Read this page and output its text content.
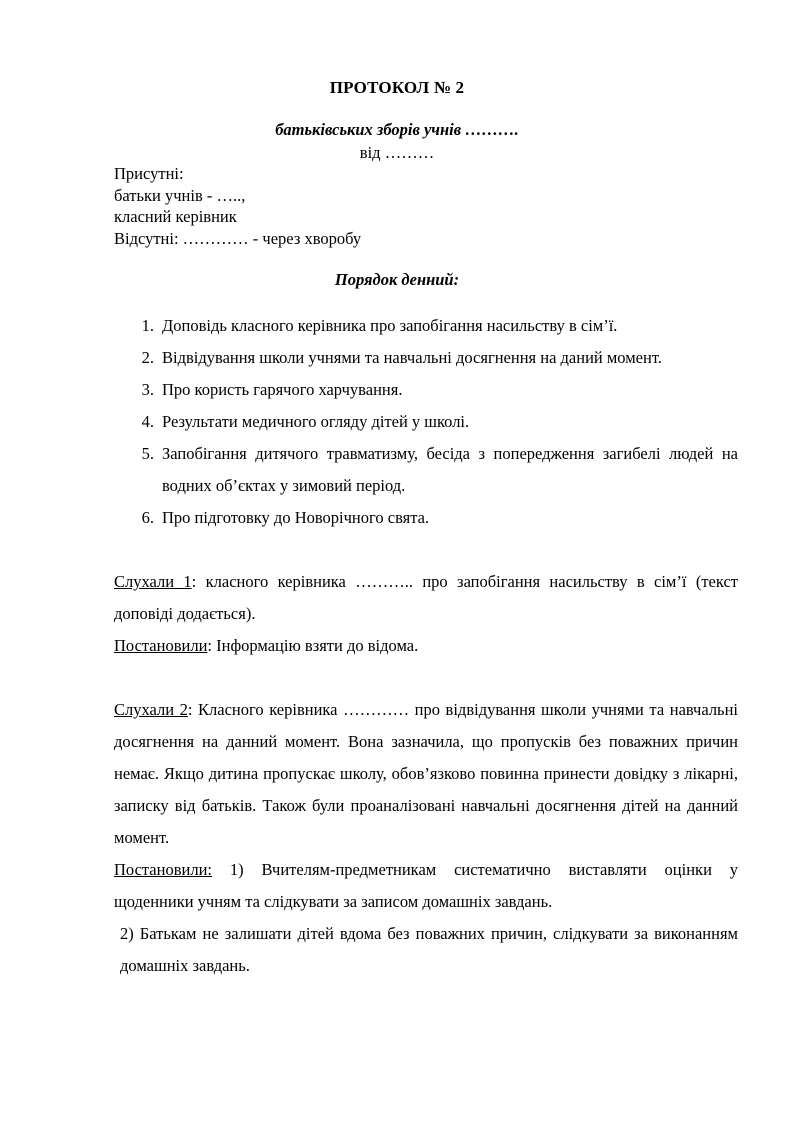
ПРОТОКОЛ № 2
батьківських зборів учнів ……….
від ………
Присутні:
батьки учнів - …..,
класний керівник
Відсутні: ………… - через хворобу
Порядок денний:
1. Доповідь класного керівника про запобігання насильству в сім’ї.
2. Відвідування школи учнями та навчальні досягнення на даний момент.
3. Про користь гарячого харчування.
4. Результати медичного огляду дітей у школі.
5. Запобігання дитячого травматизму, бесіда з попередження загибелі людей на водних об’єктах у зимовий період.
6. Про підготовку до Новорічного свята.
Слухали 1: класного керівника ……….. про запобігання насильству в сім’ї (текст доповіді додається).
Постановили: Інформацію взяти до відома.
Слухали 2: Класного керівника ………… про відвідування школи учнями та навчальні досягнення на данний момент. Вона зазначила, що пропусків без поважних причин немає. Якщо дитина пропускає школу, обов’язково повинна принести довідку з лікарні, записку від батьків. Також були проаналізовані навчальні досягнення дітей на данний момент.
Постановили: 1) Вчителям-предметникам систематично виставляти оцінки у щоденники учням та слідкувати за записом домашніх завдань.
2) Батькам не залишати дітей вдома без поважних причин, слідкувати за виконанням домашніх завдань.
